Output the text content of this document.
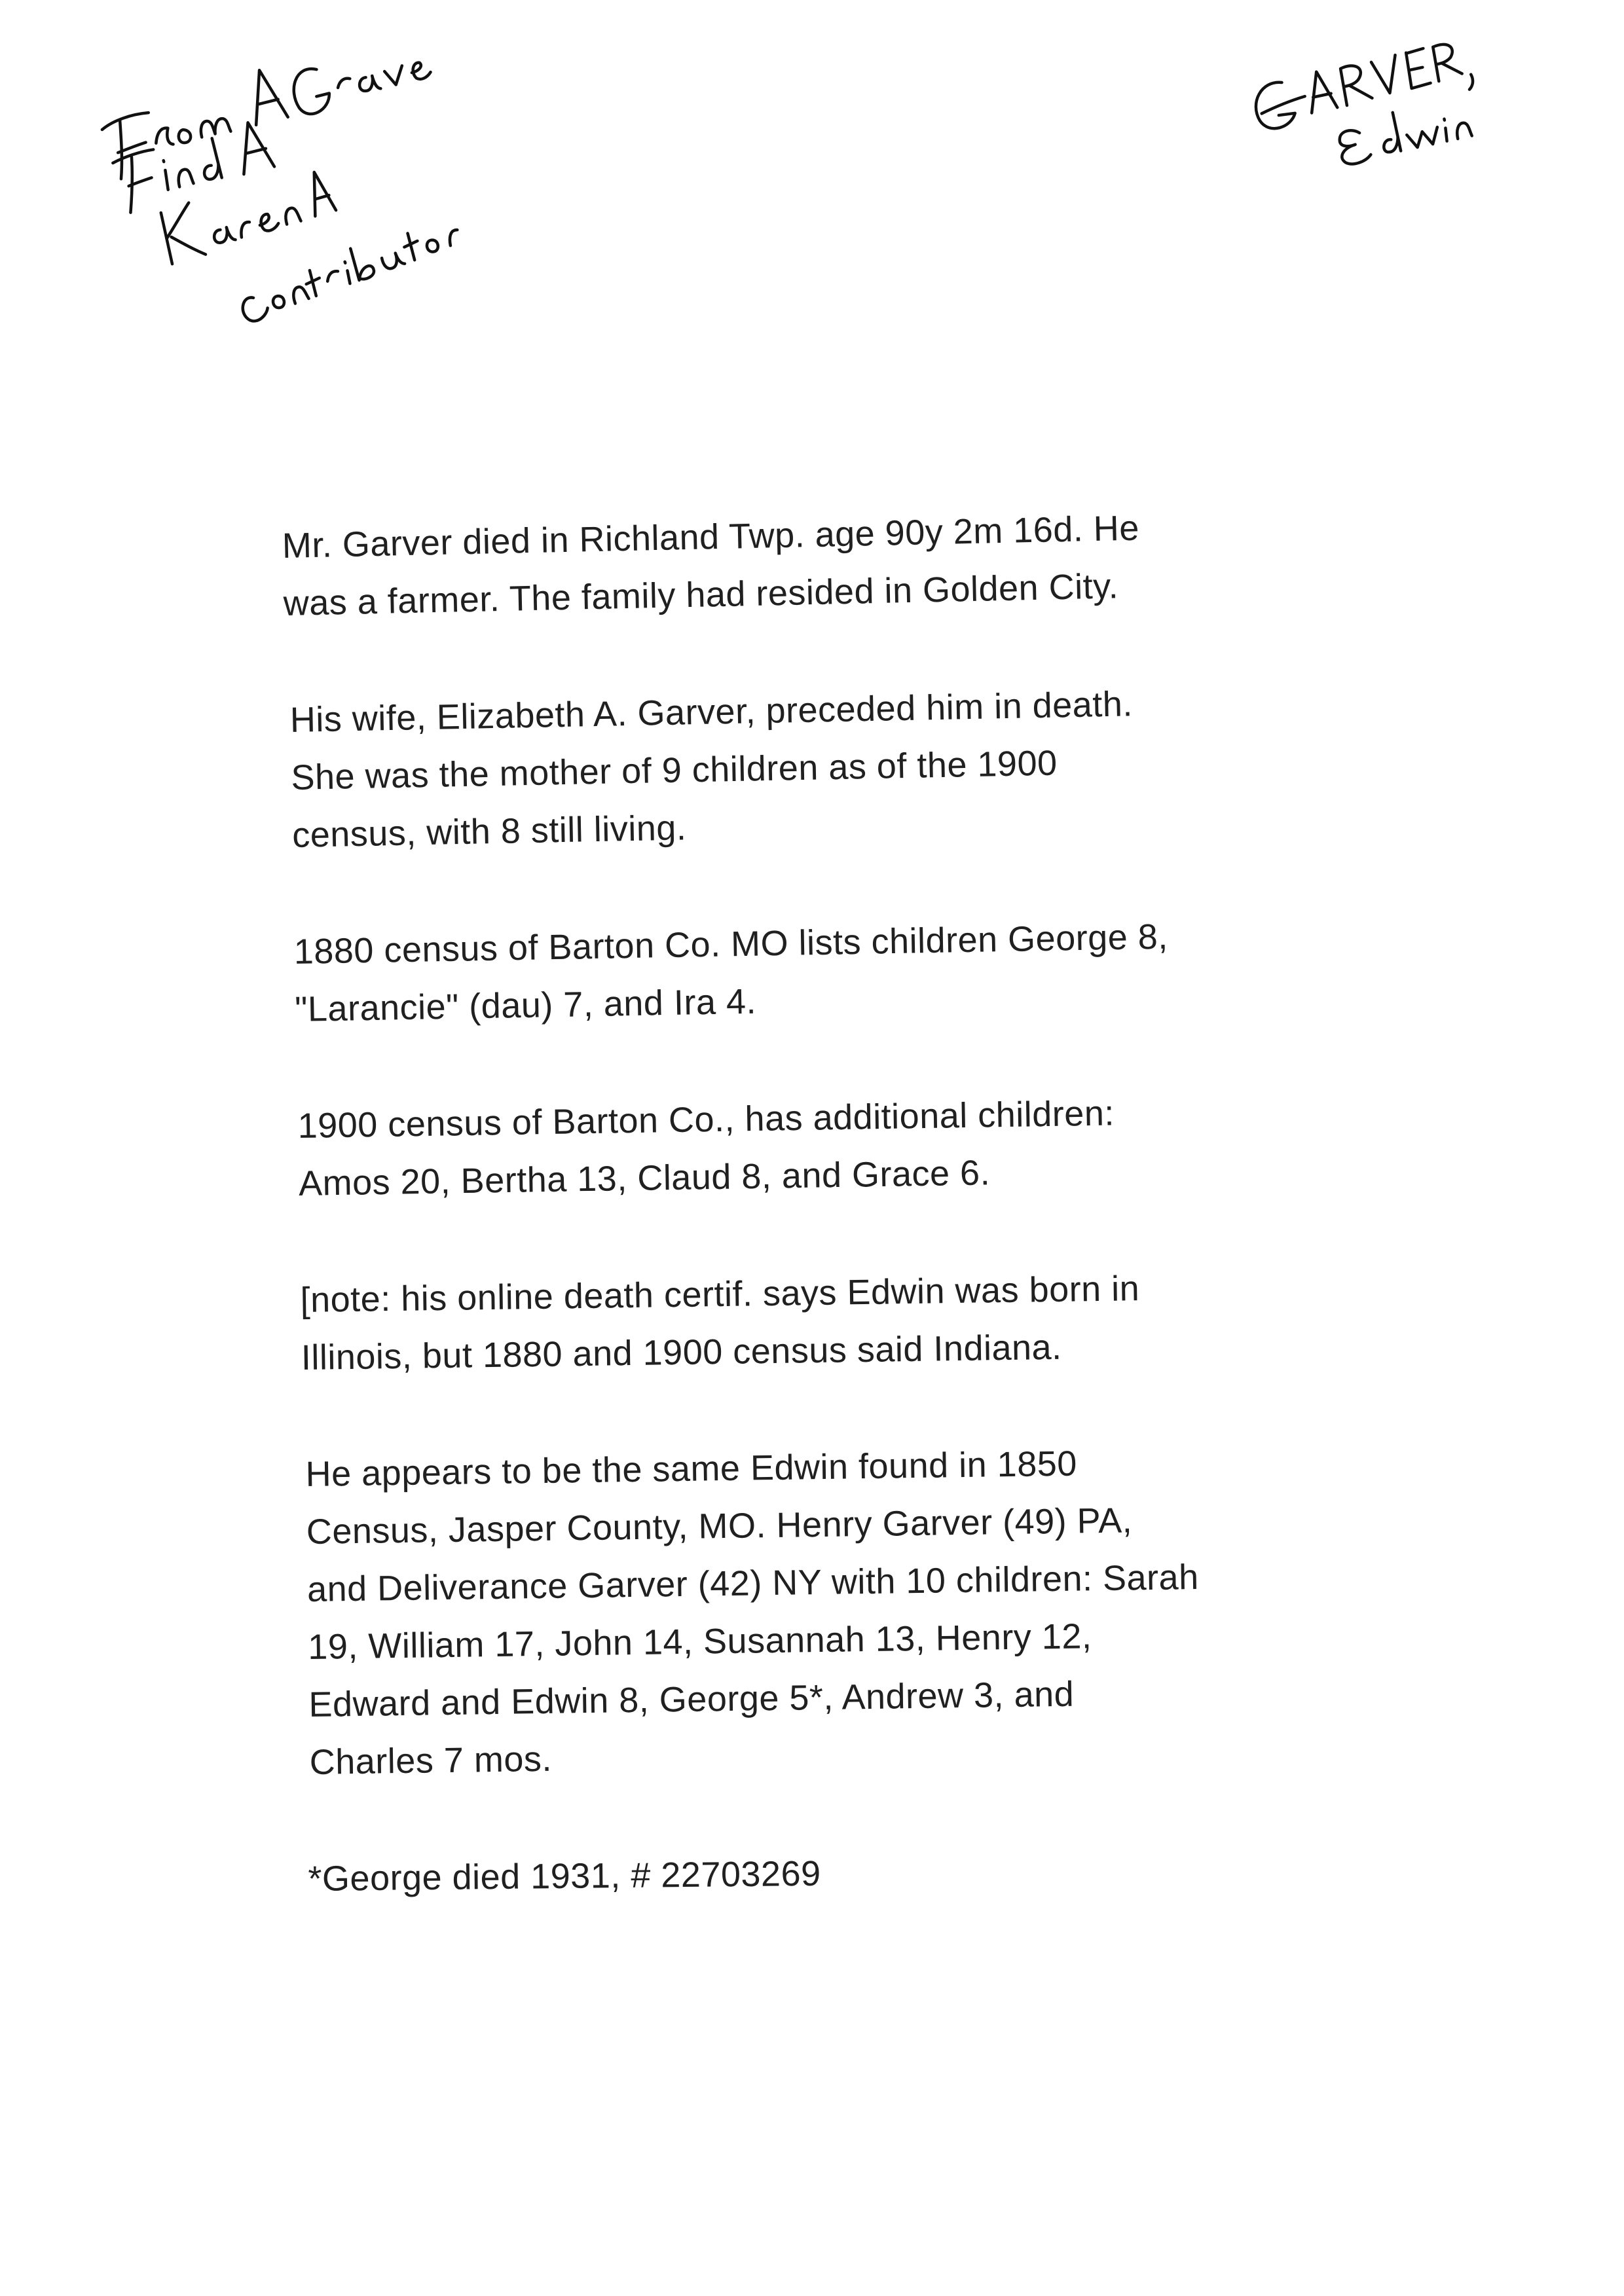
Mr. Garver died in Richland Twp. age 90y 2m 16d. He
was a farmer. The family had resided in Golden City.

His wife, Elizabeth A. Garver, preceded him in death.
She was the mother of 9 children as of the 1900
census, with 8 still living.

1880 census of Barton Co. MO lists children George 8,
"Larancie" (dau) 7, and Ira 4.

1900 census of Barton Co., has additional children:
Amos 20, Bertha 13, Claud 8, and Grace 6.

[note: his online death certif. says Edwin was born in
Illinois, but 1880 and 1900 census said Indiana.

He appears to be the same Edwin found in 1850
Census, Jasper County, MO. Henry Garver (49) PA,
and Deliverance Garver (42) NY with 10 children: Sarah
19, William 17, John 14, Susannah 13, Henry 12,
Edward and Edwin 8, George 5*, Andrew 3, and
Charles 7 mos.

*George died 1931, # 22703269
